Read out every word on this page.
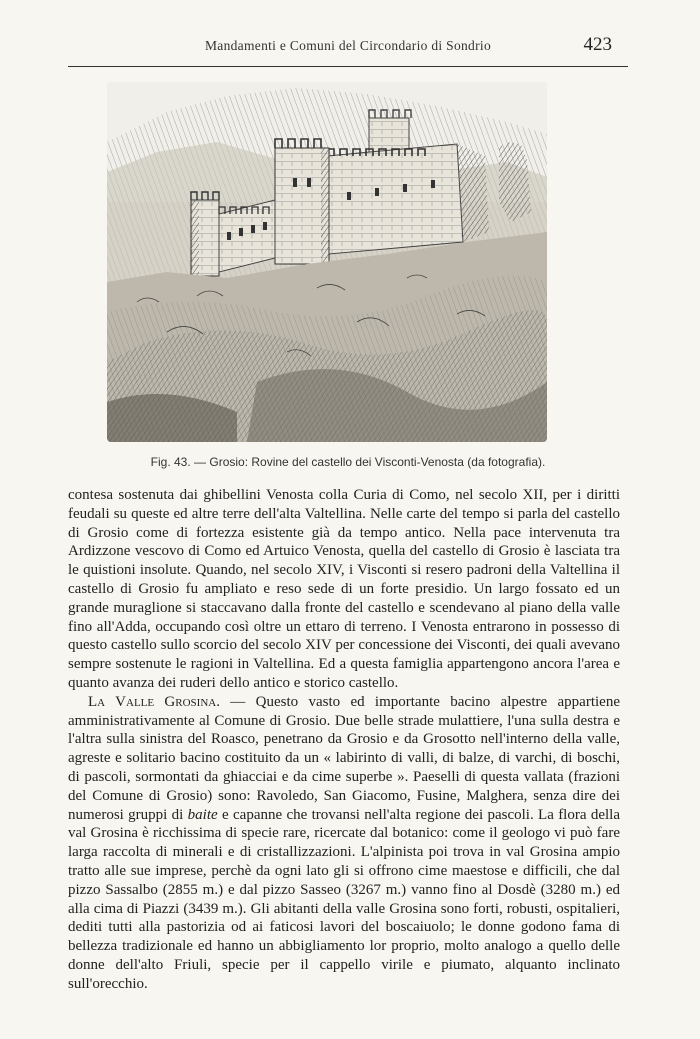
Mandamenti e Comuni del Circondario di Sondrio	423
Fig. 43. — Grosio: Rovine del castello dei Visconti-Venosta (da fotografia).

contesa sostenuta dai ghibellini Venosta colla Curia di Como, nel secolo XII, per i diritti feudali su queste ed altre terre dell'alta Valtellina. Nelle carte del tempo si parla del castello di Grosio come di fortezza esistente già da tempo antico. Nella pace intervenuta tra Ardizzone vescovo di Como ed Artuico Venosta, quella del castello di Grosio è lasciata tra le quistioni insolute. Quando, nel secolo XIV, i Visconti si resero padroni della Valtellina il castello di Grosio fu ampliato e reso sede di un forte presidio. Un largo fossato ed un grande muraglione si staccavano dalla fronte del castello e scendevano al piano della valle fino all'Adda, occupando così oltre un ettaro di terreno. I Venosta entrarono in possesso di questo castello sullo scorcio del secolo XIV per concessione dei Visconti, dei quali avevano sempre sostenute le ragioni in Valtellina. Ed a questa famiglia appartengono ancora l'area e quanto avanza dei ruderi dello antico e storico castello.

La Valle Grosina. — Questo vasto ed importante bacino alpestre appartiene amministrativamente al Comune di Grosio. Due belle strade mulattiere, l'una sulla destra e l'altra sulla sinistra del Roasco, penetrano da Grosio e da Grosotto nell'interno della valle, agreste e solitario bacino costituito da un « labirinto di valli, di balze, di varchi, di boschi, di pascoli, sormontati da ghiacciai e da cime superbe ». Paeselli di questa vallata (frazioni del Comune di Grosio) sono: Ravoledo, San Giacomo, Fusine, Malghera, senza dire dei numerosi gruppi di baite e capanne che trovansi nell'alta regione dei pascoli. La flora della val Grosina è ricchissima di specie rare, ricercate dal botanico: come il geologo vi può fare larga raccolta di minerali e di cristallizzazioni. L'alpinista poi trova in val Grosina ampio tratto alle sue imprese, perchè da ogni lato gli si offrono cime maestose e difficili, che dal pizzo Sassalbo (2855 m.) e dal pizzo Sasseo (3267 m.) vanno fino al Dosdè (3280 m.) ed alla cima di Piazzi (3439 m.). Gli abitanti della valle Grosina sono forti, robusti, ospitalieri, dediti tutti alla pastorizia od ai faticosi lavori del boscaiuolo; le donne godono fama di bellezza tradizionale ed hanno un abbigliamento lor proprio, molto analogo a quello delle donne dell'alto Friuli, specie per il cappello virile e piumato, alquanto inclinato sull'orecchio.
